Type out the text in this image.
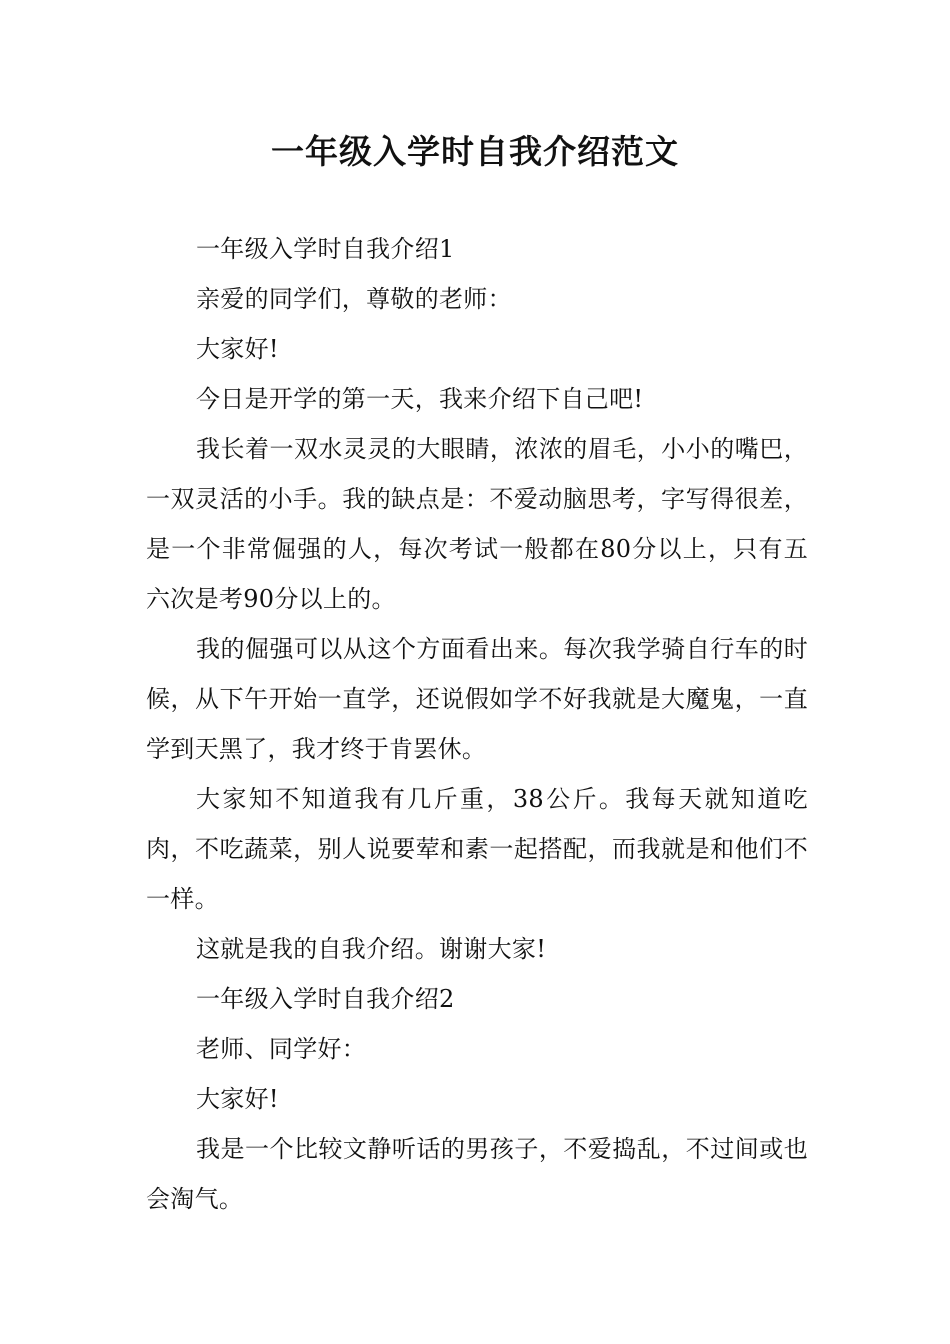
一年级入学时自我介绍范文

一年级入学时自我介绍1

亲爱的同学们，尊敬的老师：

大家好!

今日是开学的第一天，我来介绍下自己吧!

我长着一双水灵灵的大眼睛，浓浓的眉毛，小小的嘴巴，一双灵活的小手。我的缺点是：不爱动脑思考，字写得很差，是一个非常倔强的人，每次考试一般都在80分以上，只有五六次是考90分以上的。

我的倔强可以从这个方面看出来。每次我学骑自行车的时候，从下午开始一直学，还说假如学不好我就是大魔鬼，一直学到天黑了，我才终于肯罢休。

大家知不知道我有几斤重，38公斤。我每天就知道吃肉，不吃蔬菜，别人说要荤和素一起搭配，而我就是和他们不一样。

这就是我的自我介绍。谢谢大家!

一年级入学时自我介绍2

老师、同学好：

大家好!

我是一个比较文静听话的男孩子，不爱捣乱，不过间或也会淘气。
